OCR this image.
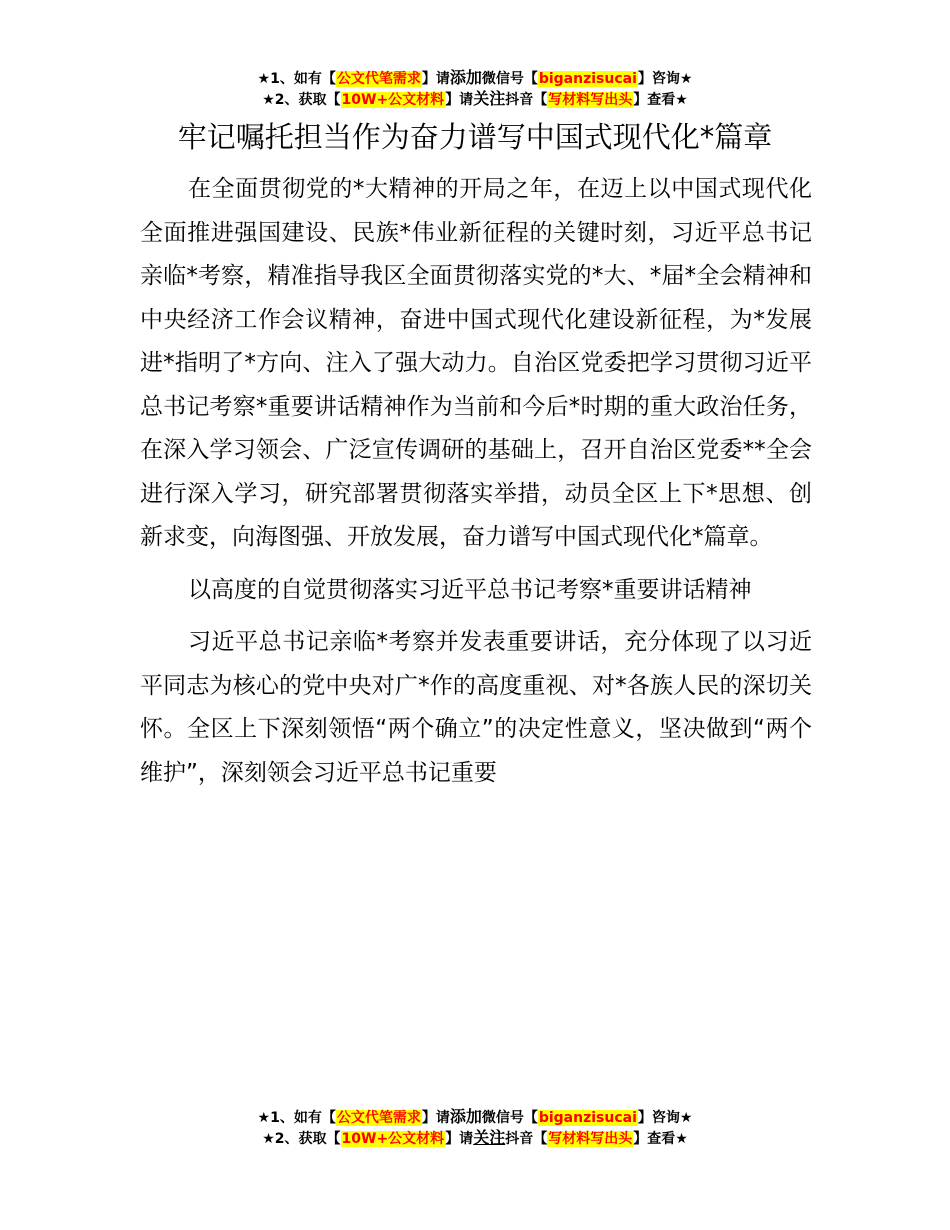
★1、如有【公文代笔需求】请添加微信号【biganzisucai】咨询★
★2、获取【10W+公文材料】请关注抖音【写材料写出头】查看★
牢记嘱托担当作为奋力谱写中国式现代化*篇章

在全面贯彻党的*大精神的开局之年，在迈上以中国式现代化全面推进强国建设、民族*伟业新征程的关键时刻，习近平总书记亲临*考察，精准指导我区全面贯彻落实党的*大、*届*全会精神和中央经济工作会议精神，奋进中国式现代化建设新征程，为*发展进*指明了*方向、注入了强大动力。自治区党委把学习贯彻习近平总书记考察*重要讲话精神作为当前和今后*时期的重大政治任务，在深入学习领会、广泛宣传调研的基础上，召开自治区党委**全会进行深入学习，研究部署贯彻落实举措，动员全区上下*思想、创新求变，向海图强、开放发展，奋力谱写中国式现代化*篇章。

以高度的自觉贯彻落实习近平总书记考察*重要讲话精神

习近平总书记亲临*考察并发表重要讲话，充分体现了以习近平同志为核心的党中央对广*作的高度重视、对*各族人民的深切关怀。全区上下深刻领悟“两个确立”的决定性意义，坚决做到“两个维护”，深刻领会习近平总书记重要

★1、如有【公文代笔需求】请添加微信号【biganzisucai】咨询★
★2、获取【10W+公文材料】请关注抖音【写材料写出头】查看★
